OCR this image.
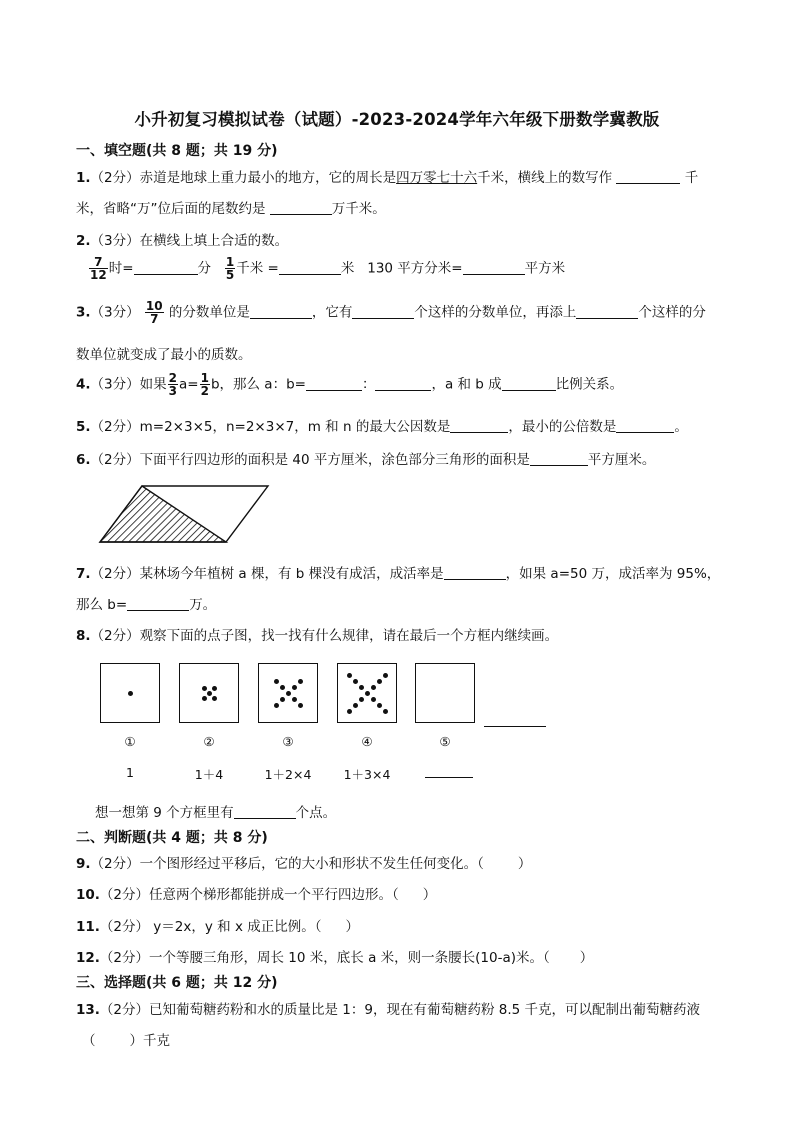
小升初复习模拟试卷（试题）-2023-2024学年六年级下册数学冀教版
一、填空题(共 8 题；共 19 分)
1.（2分）赤道是地球上重力最小的地方，它的周长是四万零七十六千米，横线上的数写作	千
米，省略“万”位后面的尾数约是	万千米。
2.（3分）在横线上填上合适的数。
$\frac{7}{12}$ 时=	分 $\frac{1}{5}$ 千米 =	米 130 平方分米=	平方米
3.（3分） $\frac{10}{7}$ 的分数单位是	，它有	个这样的分数单位，再添上	个这样的分
数单位就变成了最小的质数。
4.（3分）如果 $\frac{2}{3} a= \frac{1}{2}$ b，那么 a：b=	：	，a 和 b 成	比例关系。
5.（2分）m=2×3×5，n=2×3×7，m 和 n 的最大公因数是	，最小的公倍数是	。
6.（2分）下面平行四边形的面积是 40 平方厘米，涂色部分三角形的面积是	平方厘米。
7.（2分）某林场今年植树 a 棵，有 b 棵没有成活，成活率是	，如果 a=50 万，成活率为 95%，
那么 b=	万。
8.（2分）观察下面的点子图，找一找有什么规律，请在最后一个方框内继续画。
①	②	③	④	⑤
1	1＋4	1＋2×4	1＋3×4
想一想第 9 个方框里有	个点。
二、判断题(共 4 题；共 8 分)
9.（2分）一个图形经过平移后，它的大小和形状不发生任何变化。（	）
10.（2分）任意两个梯形都能拼成一个平行四边形。（ ）
11.（2分） y＝2x，y 和 x 成正比例。（ ）
12.（2分）一个等腰三角形，周长 10 米，底长 a 米，则一条腰长(10-a)米。（ ）
三、选择题(共 6 题；共 12 分)
13.（2分）已知葡萄糖药粉和水的质量比是 1：9，现在有葡萄糖药粉 8.5 千克，可以配制出葡萄糖药液
（	）千克
